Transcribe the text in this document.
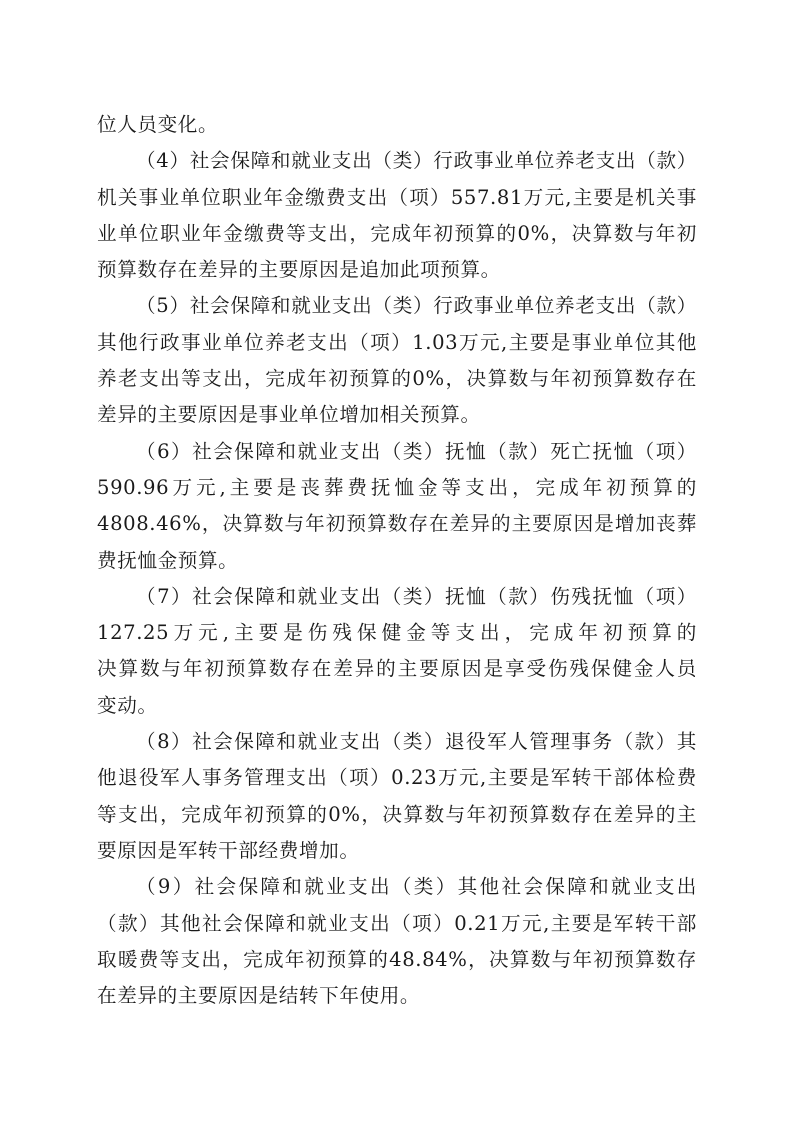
位人员变化。
（4）社会保障和就业支出（类）行政事业单位养老支出（款）
机关事业单位职业年金缴费支出（项）557.81万元,主要是机关事
业单位职业年金缴费等支出，完成年初预算的0%，决算数与年初
预算数存在差异的主要原因是追加此项预算。
（5）社会保障和就业支出（类）行政事业单位养老支出（款）
其他行政事业单位养老支出（项）1.03万元,主要是事业单位其他
养老支出等支出，完成年初预算的0%，决算数与年初预算数存在
差异的主要原因是事业单位增加相关预算。
（6）社会保障和就业支出（类）抚恤（款）死亡抚恤（项）
590.96万元,主要是丧葬费抚恤金等支出，完成年初预算的
4808.46%，决算数与年初预算数存在差异的主要原因是增加丧葬
费抚恤金预算。
（7）社会保障和就业支出（类）抚恤（款）伤残抚恤（项）
127.25万元,主要是伤残保健金等支出，完成年初预算的
决算数与年初预算数存在差异的主要原因是享受伤残保健金人员
变动。
（8）社会保障和就业支出（类）退役军人管理事务（款）其
他退役军人事务管理支出（项）0.23万元,主要是军转干部体检费
等支出，完成年初预算的0%，决算数与年初预算数存在差异的主
要原因是军转干部经费增加。
（9）社会保障和就业支出（类）其他社会保障和就业支出
（款）其他社会保障和就业支出（项）0.21万元,主要是军转干部
取暖费等支出，完成年初预算的48.84%，决算数与年初预算数存
在差异的主要原因是结转下年使用。
